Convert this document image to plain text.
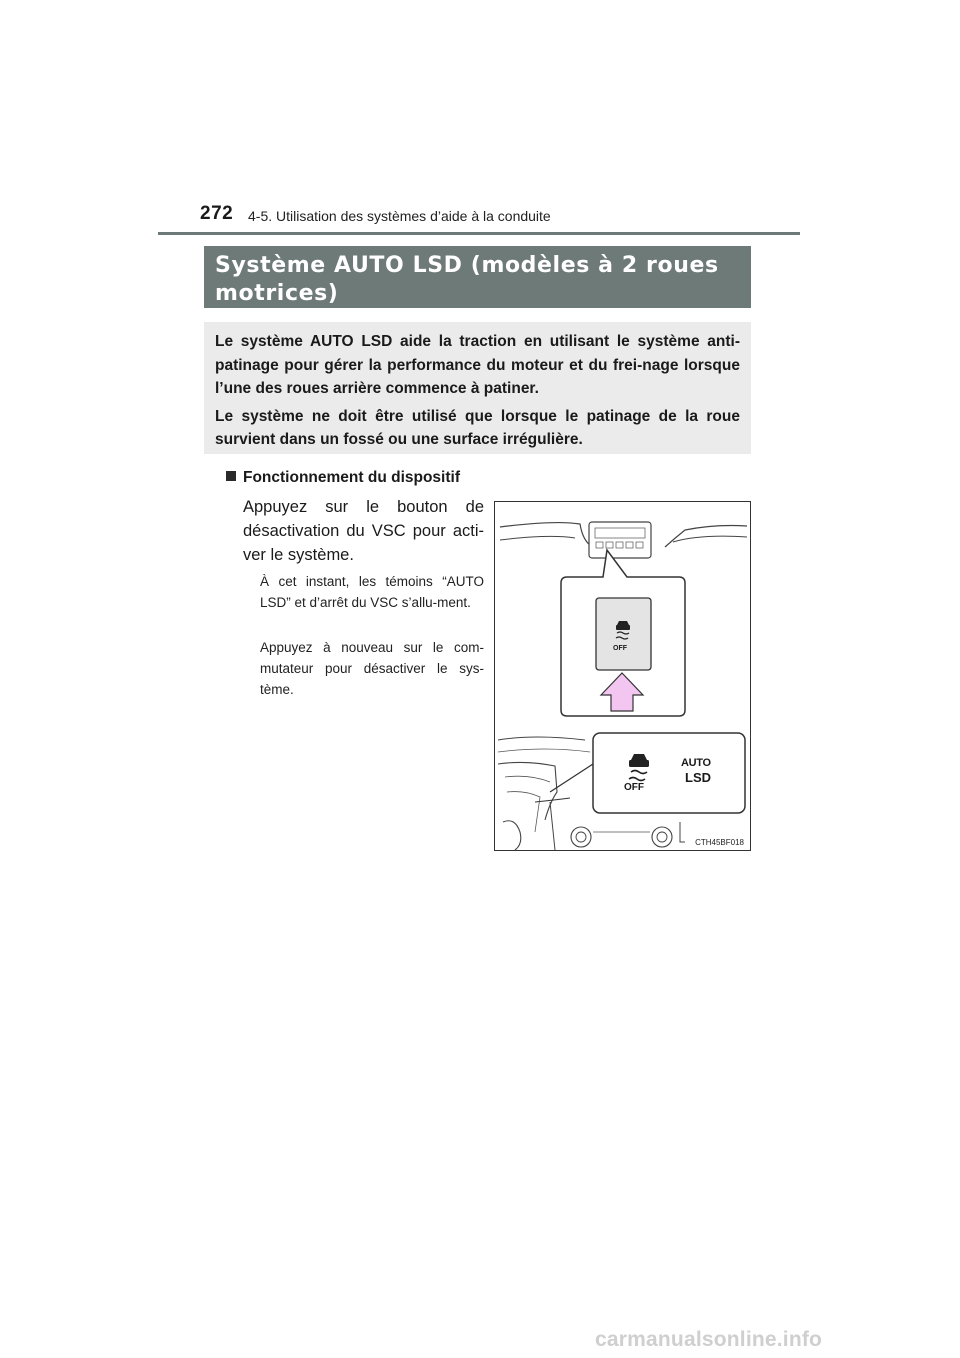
272 4-5. Utilisation des systèmes d’aide à la conduite
Système AUTO LSD (modèles à 2 roues
motrices)

Le système AUTO LSD aide la traction en utilisant le système anti-patinage pour gérer la performance du moteur et du frei-nage lorsque l’une des roues arrière commence à patiner.

Le système ne doit être utilisé que lorsque le patinage de la roue survient dans un fossé ou une surface irrégulière.

Fonctionnement du dispositif
Appuyez sur le bouton de désactivation du VSC pour acti-ver le système.
À cet instant, les témoins “AUTO LSD” et d’arrêt du VSC s’allu-ment.
Appuyez à nouveau sur le com-mutateur pour désactiver le sys-tème.
OFF
OFF
AUTO
LSD
CTH45BF018
carmanualsonline.info
